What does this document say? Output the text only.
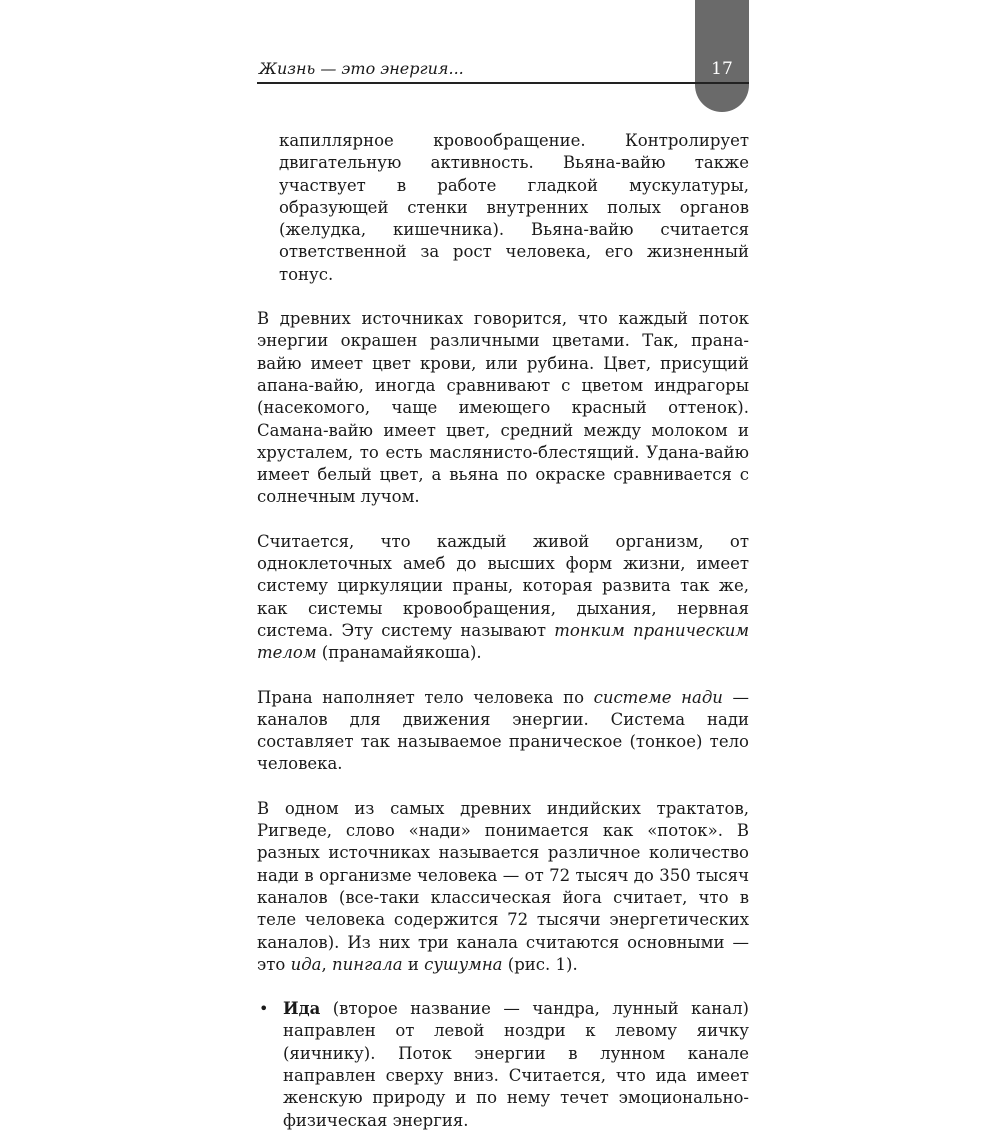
17
Жизнь — это энергия...

капиллярное кровообращение. Контролирует двигательную активность. Вьяна-вайю также участвует в работе гладкой мускулатуры, образующей стенки внутренних полых органов (желудка, кишечника). Вьяна-вайю считается ответственной за рост человека, его жизненный тонус.

В древних источниках говорится, что каждый поток энергии окрашен различными цветами. Так, прана-вайю имеет цвет крови, или рубина. Цвет, присущий апана-вайю, иногда сравнивают с цветом индрагоры (насекомого, чаще имеющего красный оттенок). Самана-вайю имеет цвет, средний между молоком и хрусталем, то есть маслянисто-блестящий. Удана-вайю имеет белый цвет, а вьяна по окраске сравнивается с солнечным лучом.

Считается, что каждый живой организм, от одноклеточных амеб до высших форм жизни, имеет систему циркуляции праны, которая развита так же, как системы кровообращения, дыхания, нервная система. Эту систему называют тонким праническим телом (пранамайякоша).

Прана наполняет тело человека по системе нади — каналов для движения энергии. Система нади составляет так называемое праническое (тонкое) тело человека.

В одном из самых древних индийских трактатов, Ригведе, слово «нади» понимается как «поток». В разных источниках называется различное количество нади в организме человека — от 72 тысяч до 350 тысяч каналов (все-таки классическая йога считает, что в теле человека содержится 72 тысячи энергетических каналов). Из них три канала считаются основными — это ида, пингала и сушумна (рис. 1).

• Ида (второе название — чандра, лунный канал) направлен от левой ноздри к левому яичку (яичнику). Поток энергии в лунном канале направлен сверху вниз. Считается, что ида имеет женскую природу и по нему течет эмоционально-физическая энергия.
